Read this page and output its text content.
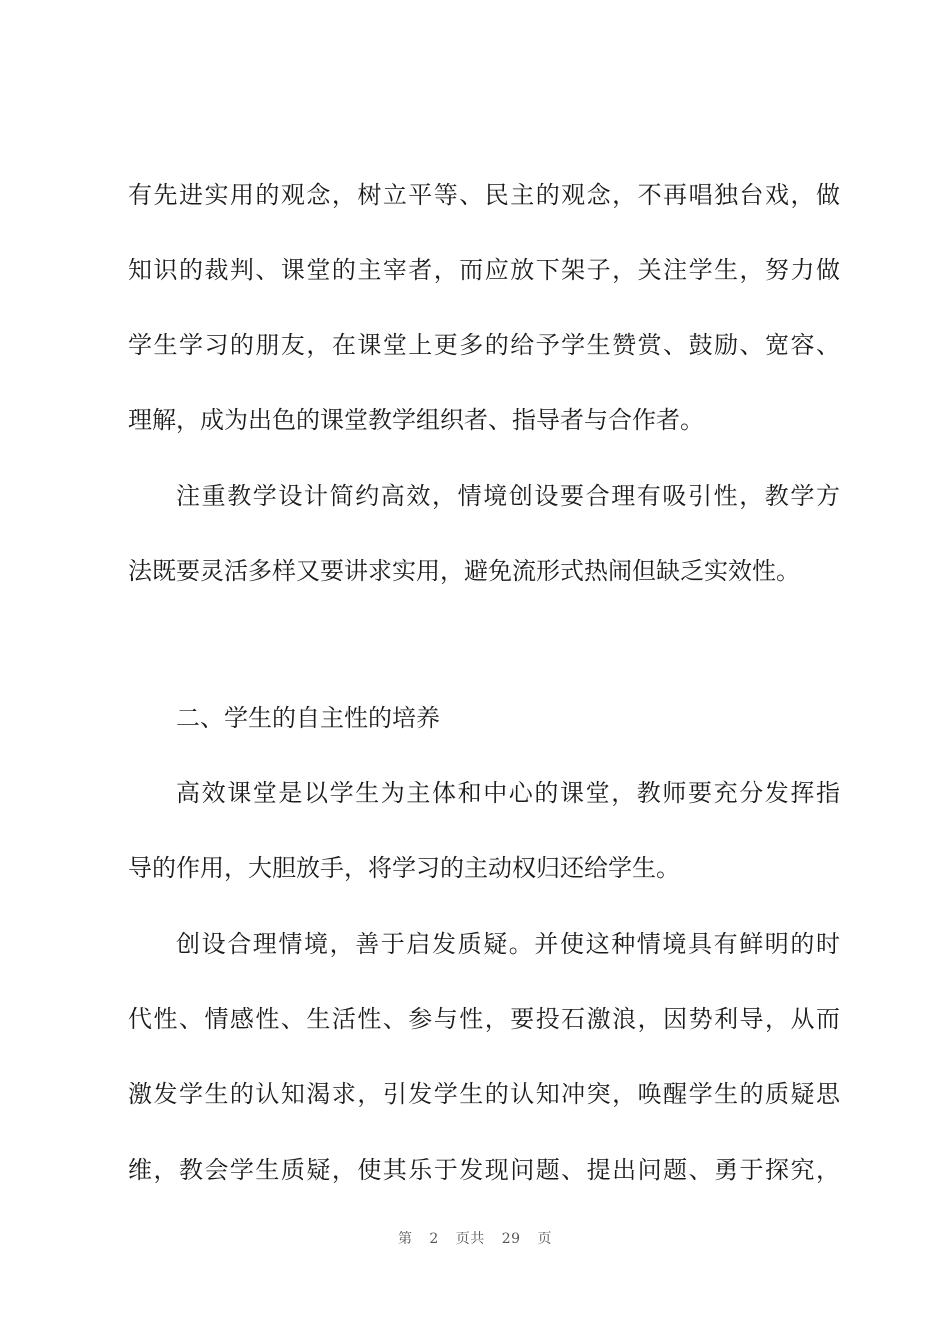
有先进实用的观念，树立平等、民主的观念，不再唱独台戏，做
知识的裁判、课堂的主宰者，而应放下架子，关注学生，努力做
学生学习的朋友，在课堂上更多的给予学生赞赏、鼓励、宽容、
理解，成为出色的课堂教学组织者、指导者与合作者。
注重教学设计简约高效，情境创设要合理有吸引性，教学方
法既要灵活多样又要讲求实用，避免流形式热闹但缺乏实效性。
二、学生的自主性的培养
高效课堂是以学生为主体和中心的课堂，教师要充分发挥指
导的作用，大胆放手，将学习的主动权归还给学生。
创设合理情境，善于启发质疑。并使这种情境具有鲜明的时
代性、情感性、生活性、参与性，要投石激浪，因势利导，从而
激发学生的认知渴求，引发学生的认知冲突，唤醒学生的质疑思
维，教会学生质疑，使其乐于发现问题、提出问题、勇于探究，
第 2 页共 29 页
